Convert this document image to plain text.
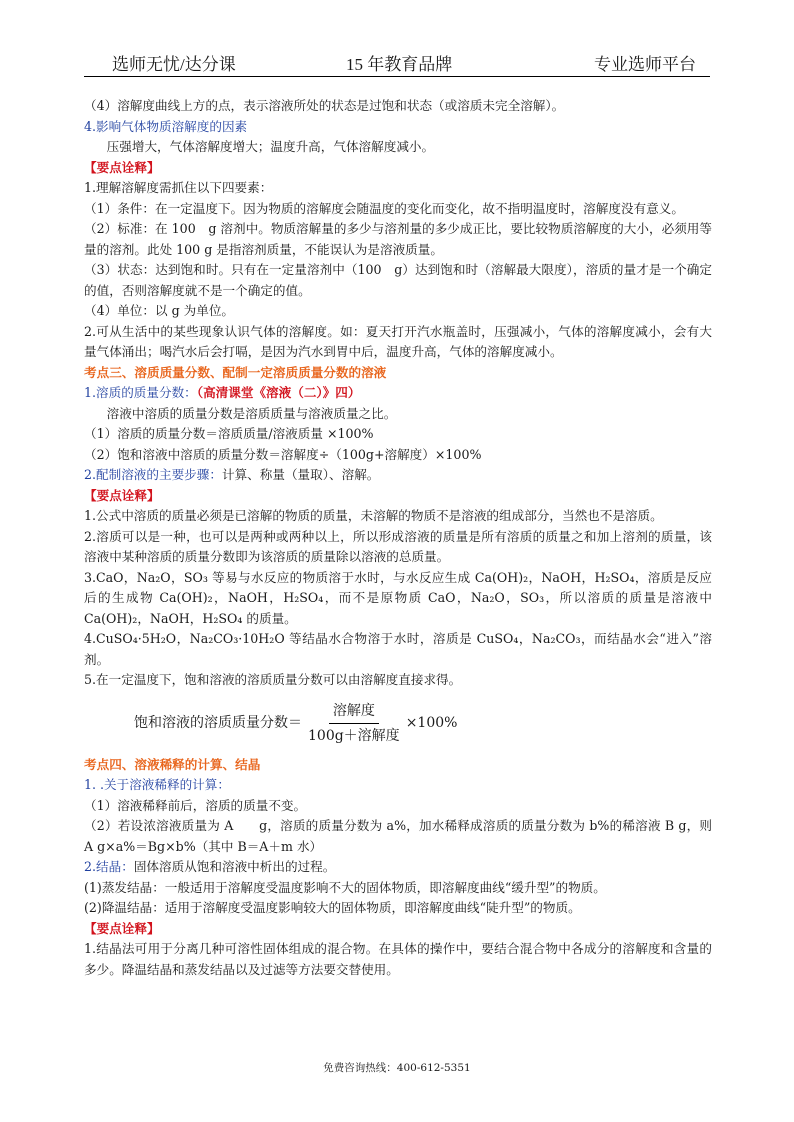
选师无忧/达分课	15 年教育品牌	专业选师平台

（4）溶解度曲线上方的点，表示溶液所处的状态是过饱和状态（或溶质未完全溶解）。

4.影响气体物质溶解度的因素

压强增大，气体溶解度增大；温度升高，气体溶解度减小。

【要点诠释】

1.理解溶解度需抓住以下四要素：

（1）条件：在一定温度下。因为物质的溶解度会随温度的变化而变化，故不指明温度时，溶解度没有意义。

（2）标准：在 100　g 溶剂中。物质溶解量的多少与溶剂量的多少成正比，要比较物质溶解度的大小，必须用等量的溶剂。此处 100 g 是指溶剂质量，不能误认为是溶液质量。

（3）状态：达到饱和时。只有在一定量溶剂中（100　g）达到饱和时（溶解最大限度），溶质的量才是一个确定的值，否则溶解度就不是一个确定的值。

（4）单位：以 g 为单位。

2.可从生活中的某些现象认识气体的溶解度。如：夏天打开汽水瓶盖时，压强减小，气体的溶解度减小，会有大量气体涌出；喝汽水后会打嗝，是因为汽水到胃中后，温度升高，气体的溶解度减小。

考点三、溶质质量分数、配制一定溶质质量分数的溶液

1.溶质的质量分数：（高清课堂《溶液（二）》四）

溶液中溶质的质量分数是溶质质量与溶液质量之比。

（1）溶质的质量分数＝溶质质量/溶液质量 ×100%

（2）饱和溶液中溶质的质量分数＝溶解度÷（100g+溶解度）×100%

2.配制溶液的主要步骤：计算、称量（量取）、溶解。

【要点诠释】

1.公式中溶质的质量必须是已溶解的物质的质量，未溶解的物质不是溶液的组成部分，当然也不是溶质。

2.溶质可以是一种，也可以是两种或两种以上，所以形成溶液的质量是所有溶质的质量之和加上溶剂的质量，该溶液中某种溶质的质量分数即为该溶质的质量除以溶液的总质量。

3.CaO，Na₂O，SO₃ 等易与水反应的物质溶于水时，与水反应生成 Ca(OH)₂，NaOH，H₂SO₄，溶质是反应后的生成物 Ca(OH)₂，NaOH，H₂SO₄，而不是原物质 CaO，Na₂O，SO₃，所以溶质的质量是溶液中 Ca(OH)₂，NaOH，H₂SO₄ 的质量。

4.CuSO₄·5H₂O，Na₂CO₃·10H₂O 等结晶水合物溶于水时，溶质是 CuSO₄，Na₂CO₃，而结晶水会“进入”溶剂。

5.在一定温度下，饱和溶液的溶质质量分数可以由溶解度直接求得。

饱和溶液的溶质质量分数＝ $\frac{\text{溶解度}}{\text{100g＋溶解度}} \times 100\%$

考点四、溶液稀释的计算、结晶

1. .关于溶液稀释的计算：

（1）溶液稀释前后，溶质的质量不变。

（2）若设浓溶液质量为 A　　g，溶质的质量分数为 a%，加水稀释成溶质的质量分数为 b%的稀溶液 B g，则 A g×a%＝Bg×b%（其中 B＝A＋m 水）

2.结晶：固体溶质从饱和溶液中析出的过程。

(1)蒸发结晶：一般适用于溶解度受温度影响不大的固体物质，即溶解度曲线“缓升型”的物质。

(2)降温结晶：适用于溶解度受温度影响较大的固体物质，即溶解度曲线“陡升型”的物质。

【要点诠释】

1.结晶法可用于分离几种可溶性固体组成的混合物。在具体的操作中，要结合混合物中各成分的溶解度和含量的多少。降温结晶和蒸发结晶以及过滤等方法要交替使用。

免费咨询热线：400-612-5351
